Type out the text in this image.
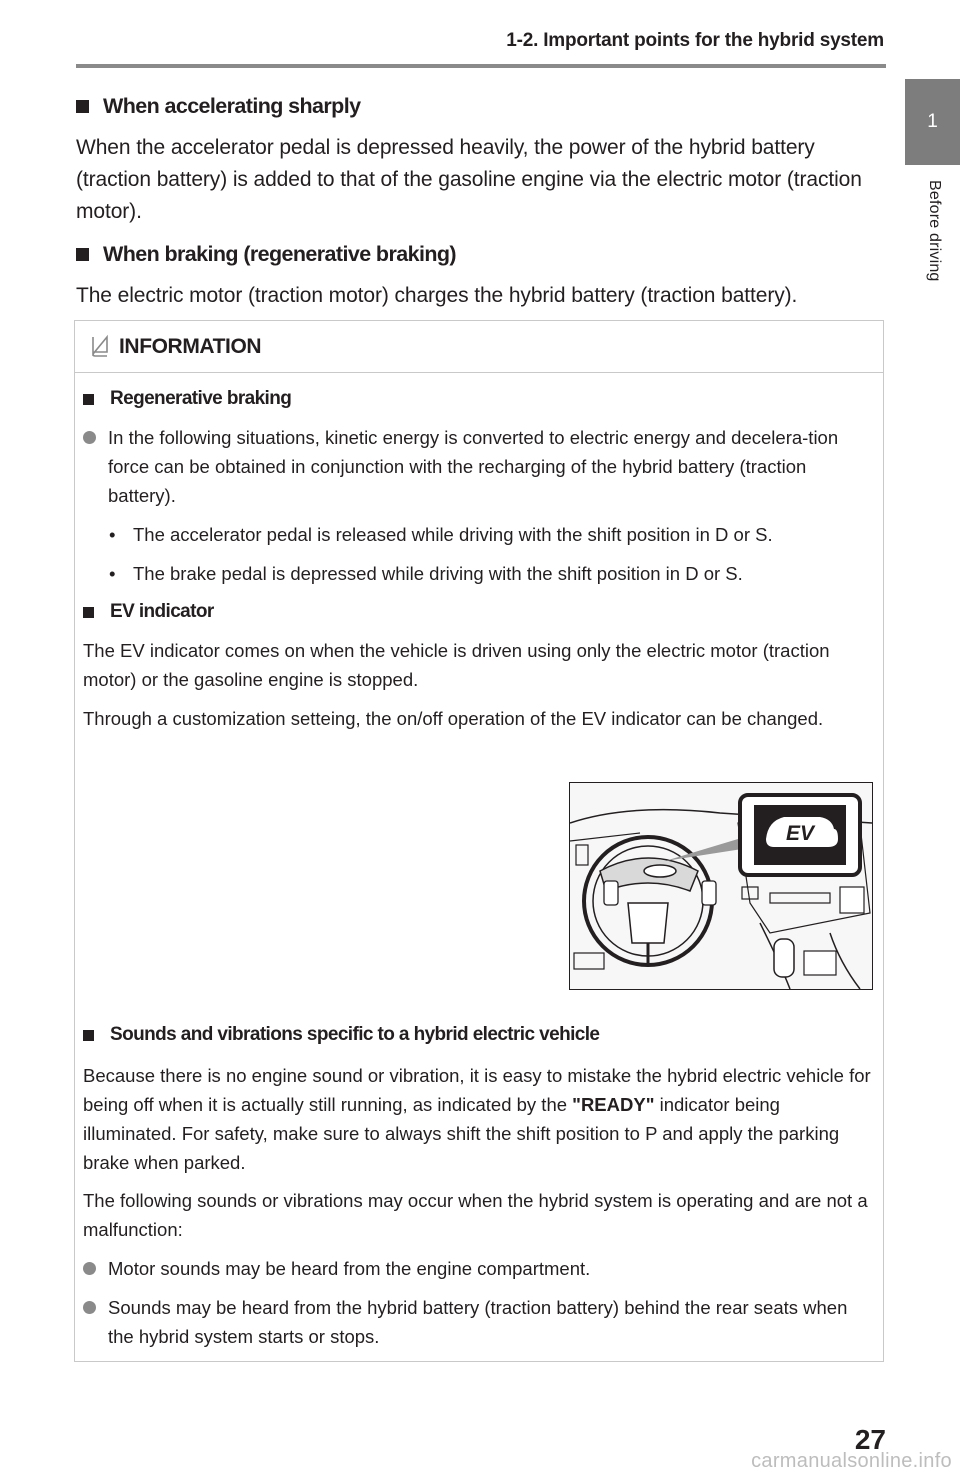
1-2. Important points for the hybrid system
1
Before driving
When accelerating sharply

When the accelerator pedal is depressed heavily, the power of the hybrid battery (traction battery) is added to that of the gasoline engine via the electric motor (traction motor).

When braking (regenerative braking)

The electric motor (traction motor) charges the hybrid battery (traction battery).

INFORMATION
Regenerative braking
In the following situations, kinetic energy is converted to electric energy and decelera-tion force can be obtained in conjunction with the recharging of the hybrid battery (traction battery).
• The accelerator pedal is released while driving with the shift position in D or S.
• The brake pedal is depressed while driving with the shift position in D or S.
EV indicator

The EV indicator comes on when the vehicle is driven using only the electric motor (traction motor) or the gasoline engine is stopped.

Through a customization setteing, the on/off operation of the EV indicator can be changed.

EV
Sounds and vibrations specific to a hybrid electric vehicle

Because there is no engine sound or vibration, it is easy to mistake the hybrid electric vehicle for being off when it is actually still running, as indicated by the "READY" indicator being illuminated. For safety, make sure to always shift the shift position to P and apply the parking brake when parked.

The following sounds or vibrations may occur when the hybrid system is operating and are not a malfunction:

Motor sounds may be heard from the engine compartment.
Sounds may be heard from the hybrid battery (traction battery) behind the rear seats when the hybrid system starts or stops.
27
carmanualsonline.info
